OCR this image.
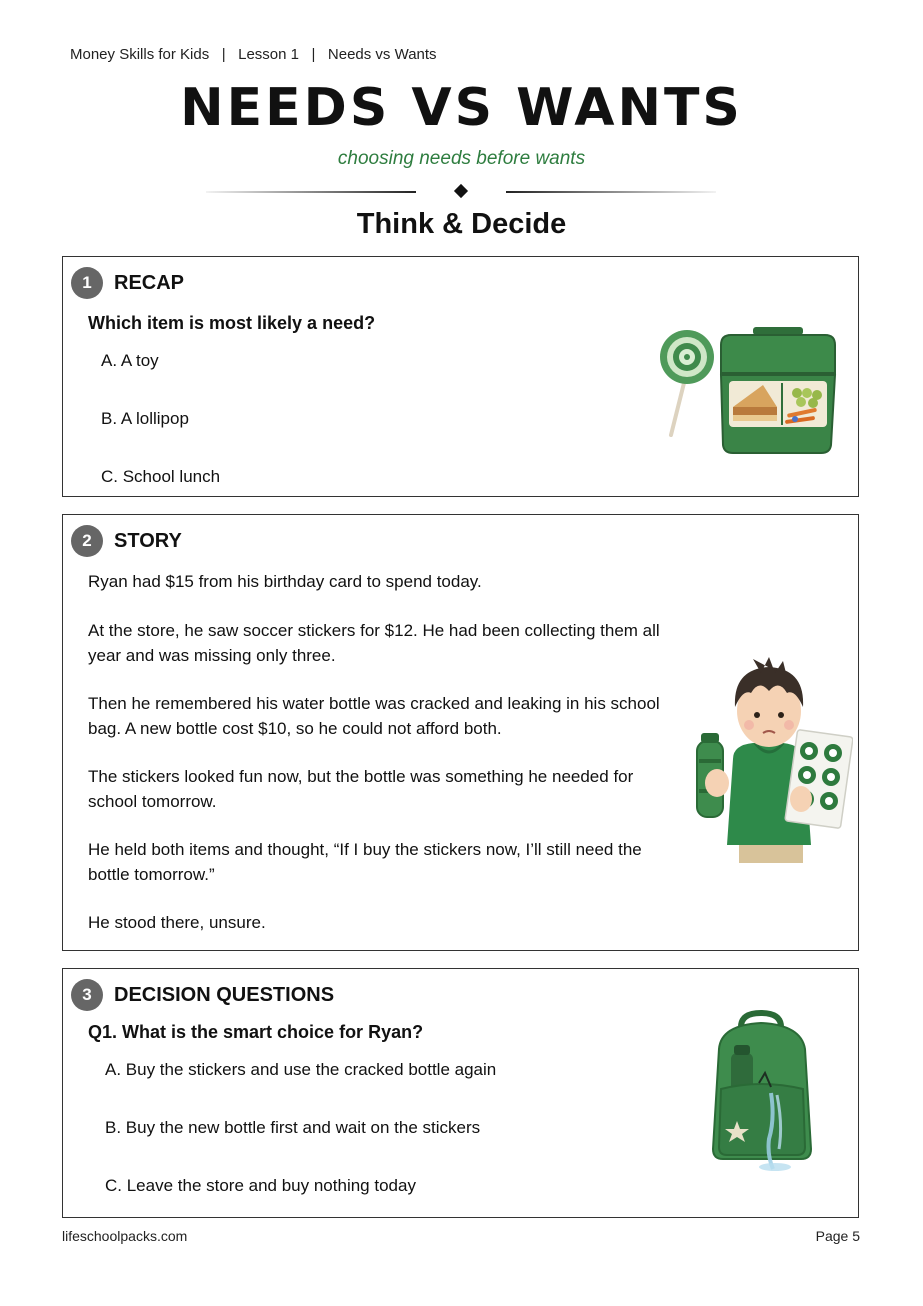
Money Skills for Kids   |   Lesson 1   |   Needs vs Wants
NEEDS VS WANTS
choosing needs before wants
Think & Decide
1	RECAP
Which item is most likely a need?
A. A toy
B. A lollipop
C. School lunch
2	STORY

Ryan had $15 from his birthday card to spend today.

At the store, he saw soccer stickers for $12. He had been collecting them all year and was missing only three.

Then he remembered his water bottle was cracked and leaking in his school bag. A new bottle cost $10, so he could not afford both.

The stickers looked fun now, but the bottle was something he needed for school tomorrow.

He held both items and thought, “If I buy the stickers now, I’ll still need the bottle tomorrow.”

He stood there, unsure.

3	DECISION QUESTIONS
Q1. What is the smart choice for Ryan?
A. Buy the stickers and use the cracked bottle again
B. Buy the new bottle first and wait on the stickers
C. Leave the store and buy nothing today
lifeschoolpacks.com	Page 5
